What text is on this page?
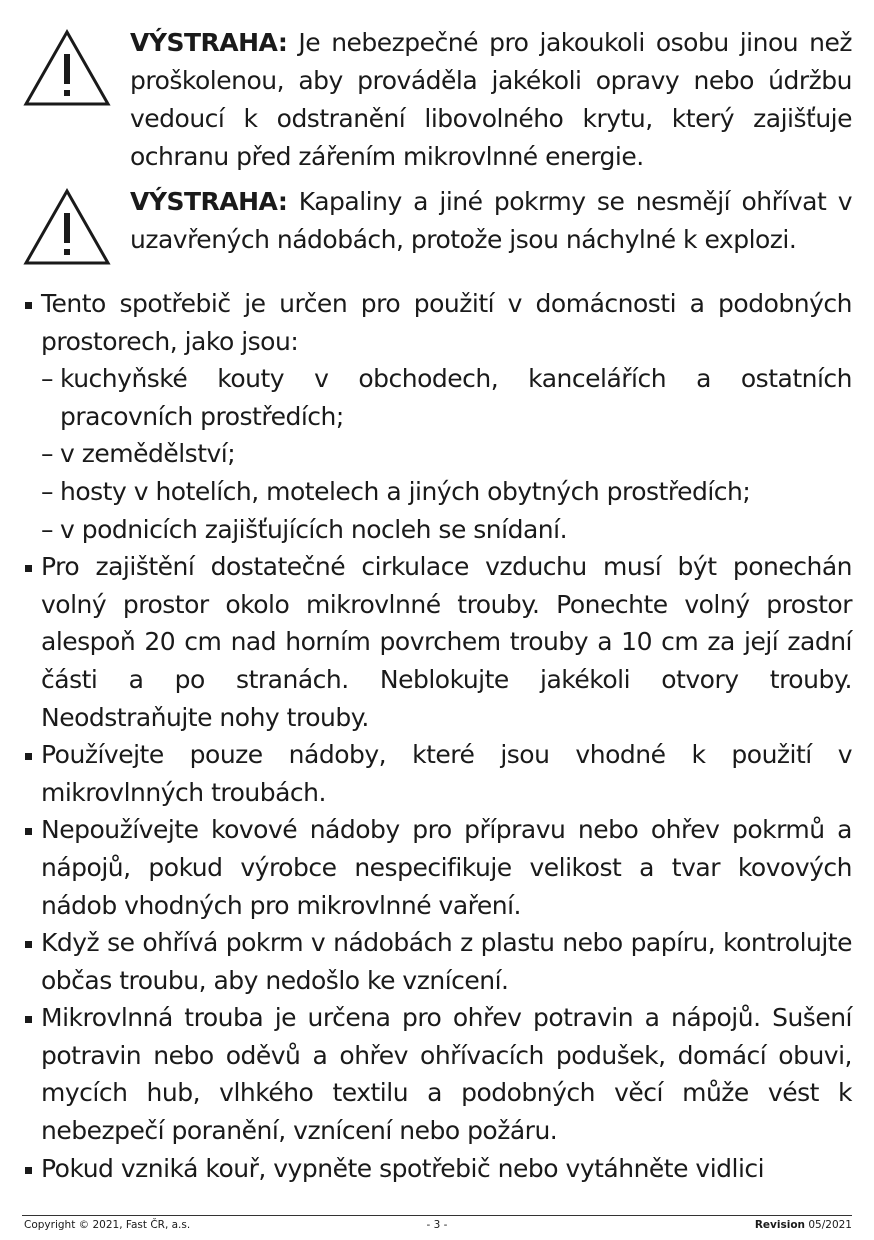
VÝSTRAHA: Je nebezpečné pro jakoukoli osobu jinou než proškolenou, aby prováděla jakékoli opravy nebo údržbu vedoucí k odstranění libovolného krytu, který zajišťuje ochranu před zářením mikrovlnné energie.
VÝSTRAHA: Kapaliny a jiné pokrmy se nesmějí ohřívat v uzavřených nádobách, protože jsou náchylné k explozi.
Tento spotřebič je určen pro použití v domácnosti a podobných prostorech, jako jsou:
– kuchyňské kouty v obchodech, kancelářích a ostatních pracovních prostředích;
– v zemědělství;
– hosty v hotelích, motelech a jiných obytných prostředích;
– v podnicích zajišťujících nocleh se snídaní.
Pro zajištění dostatečné cirkulace vzduchu musí být ponechán volný prostor okolo mikrovlnné trouby. Ponechte volný prostor alespoň 20 cm nad horním povrchem trouby a 10 cm za její zadní části a po stranách. Neblokujte jakékoli otvory trouby. Neodstraňujte nohy trouby.
Používejte pouze nádoby, které jsou vhodné k použití v mikrovlnných troubách.
Nepoužívejte kovové nádoby pro přípravu nebo ohřev pokrmů a nápojů, pokud výrobce nespecifikuje velikost a tvar kovových nádob vhodných pro mikrovlnné vaření.
Když se ohřívá pokrm v nádobách z plastu nebo papíru, kontrolujte občas troubu, aby nedošlo ke vznícení.
Mikrovlnná trouba je určena pro ohřev potravin a nápojů. Sušení potravin nebo oděvů a ohřev ohřívacích podušek, domácí obuvi, mycích hub, vlhkého textilu a podobných věcí může vést k nebezpečí poranění, vznícení nebo požáru.
Pokud vzniká kouř, vypněte spotřebič nebo vytáhněte vidlici
Copyright © 2021, Fast ČR, a.s.	- 3 -	Revision 05/2021
